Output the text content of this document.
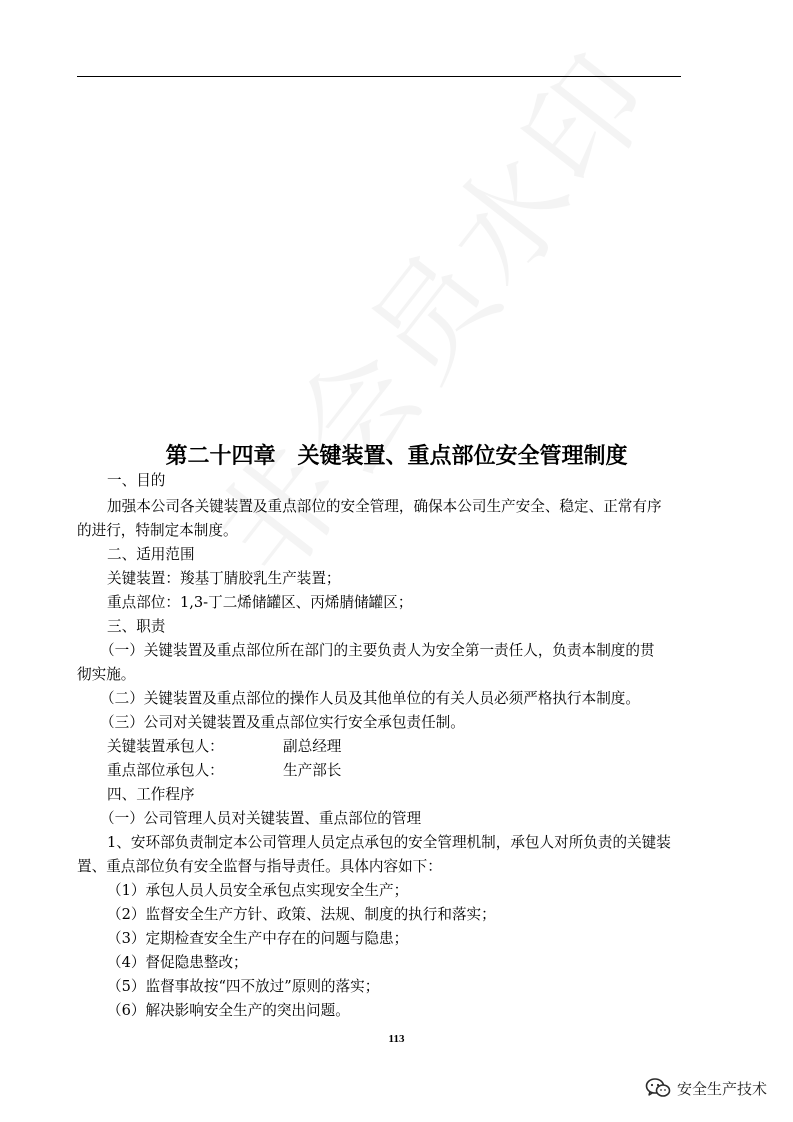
第二十四章　关键装置、重点部位安全管理制度
一、目的
加强本公司各关键装置及重点部位的安全管理，确保本公司生产安全、稳定、正常有序
的进行，特制定本制度。
二、适用范围
关键装置：羧基丁腈胶乳生产装置；
重点部位：1,3-丁二烯储罐区、丙烯腈储罐区；
三、职责
（一）关键装置及重点部位所在部门的主要负责人为安全第一责任人，负责本制度的贯
彻实施。
（二）关键装置及重点部位的操作人员及其他单位的有关人员必须严格执行本制度。
（三）公司对关键装置及重点部位实行安全承包责任制。
关键装置承包人：	副总经理
重点部位承包人：	生产部长
四、工作程序
（一）公司管理人员对关键装置、重点部位的管理
1、安环部负责制定本公司管理人员定点承包的安全管理机制，承包人对所负责的关键装
置、重点部位负有安全监督与指导责任。具体内容如下：
（1）承包人员人员安全承包点实现安全生产；
（2）监督安全生产方针、政策、法规、制度的执行和落实；
（3）定期检查安全生产中存在的问题与隐患；
（4）督促隐患整改；
（5）监督事故按“四不放过”原则的落实；
（6）解决影响安全生产的突出问题。
113
安全生产技术
